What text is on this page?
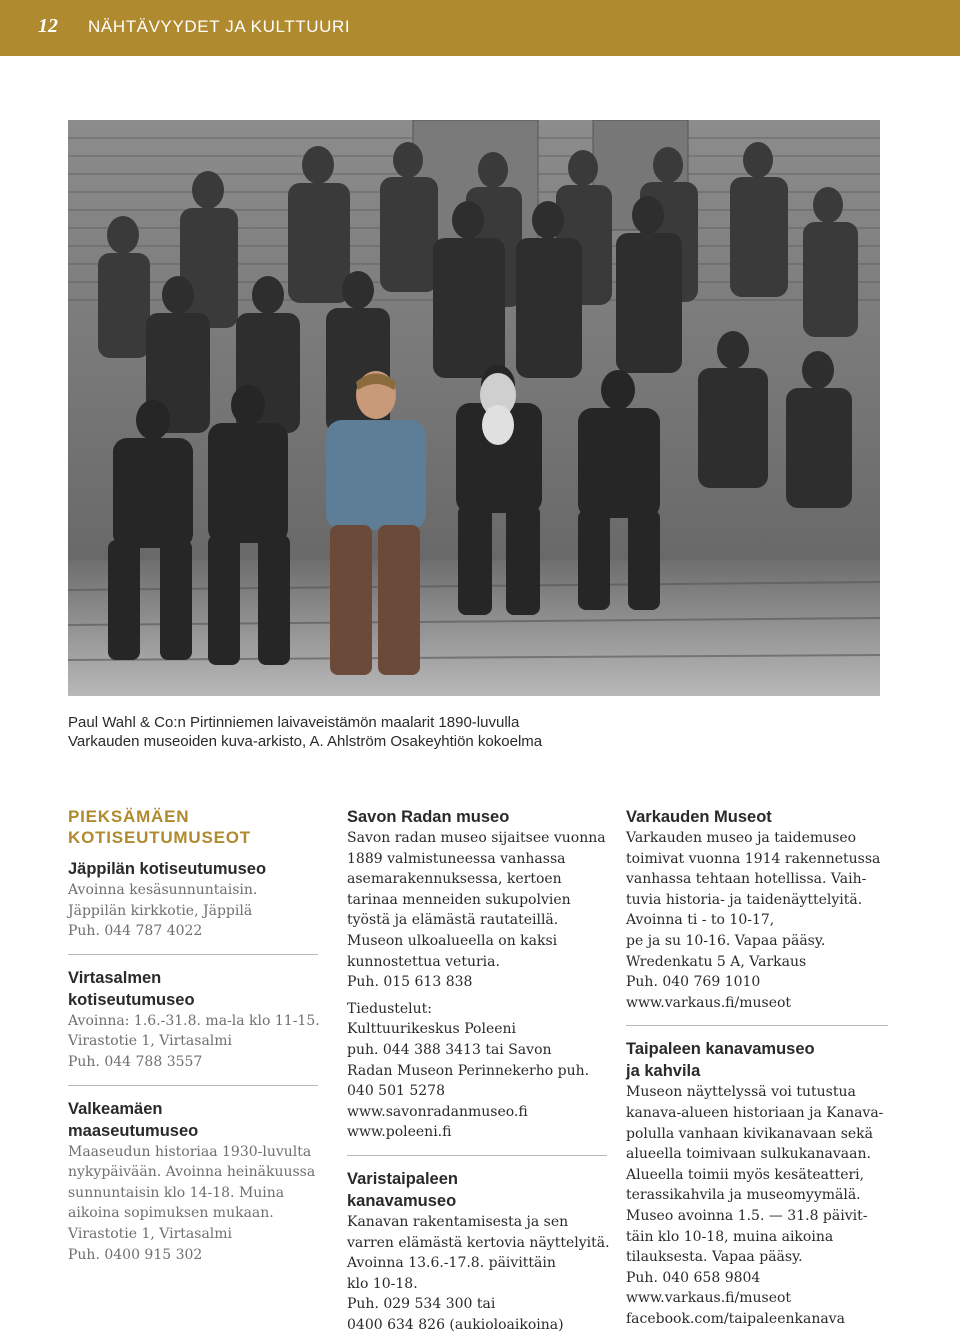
12 NÄHTÄVYYDET JA KULTTUURI
Paul Wahl & Co:n Pirtinniemen laivaveistämön maalarit 1890-luvulla
Varkauden museoiden kuva-arkisto, A. Ahlström Osakeyhtiön kokoelma
PIEKSÄMÄEN
KOTISEUTUMUSEOT
Jäppilän kotiseutumuseo
Avoinna kesäsunnuntaisin.
Jäppilän kirkkotie, Jäppilä
Puh. 044 787 4022
Virtasalmen
kotiseutumuseo
Avoinna: 1.6.-31.8. ma-la klo 11-15.
Virastotie 1, Virtasalmi
Puh. 044 788 3557
Valkeamäen
maaseutumuseo
Maaseudun historiaa 1930-luvulta
nykypäivään. Avoinna heinäkuussa
sunnuntaisin klo 14-18. Muina
aikoina sopimuksen mukaan.
Virastotie 1, Virtasalmi
Puh. 0400 915 302
Savon Radan museo
Savon radan museo sijaitsee vuonna
1889 valmistuneessa vanhassa
asemarakennuksessa, kertoen
tarinaa menneiden sukupolvien
työstä ja elämästä rautateillä.
Museon ulkoalueella on kaksi
kunnostettua veturia.
Puh. 015 613 838
Tiedustelut:
Kulttuurikeskus Poleeni
puh. 044 388 3413 tai Savon
Radan Museon Perinnekerho puh.
040 501 5278
www.savonradanmuseo.fi
www.poleeni.fi
Varistaipaleen
kanavamuseo
Kanavan rakentamisesta ja sen
varren elämästä kertovia näyttelyitä.
Avoinna 13.6.-17.8. päivittäin
klo 10-18.
Puh. 029 534 300 tai
0400 634 826 (aukioloaikoina)
Varkauden Museot
Varkauden museo ja taidemuseo
toimivat vuonna 1914 rakennetussa
vanhassa tehtaan hotellissa. Vaih-
tuvia historia- ja taidenäyttelyitä.
Avoinna ti - to 10-17,
pe ja su 10-16. Vapaa pääsy.
Wredenkatu 5 A, Varkaus
Puh. 040 769 1010
www.varkaus.fi/museot
Taipaleen kanavamuseo
ja kahvila
Museon näyttelyssä voi tutustua
kanava-alueen historiaan ja Kanava-
polulla vanhaan kivikanavaan sekä
alueella toimivaan sulkukanavaan.
Alueella toimii myös kesäteatteri,
terassikahvila ja museomyymälä.
Museo avoinna 1.5. — 31.8 päivit-
täin klo 10-18, muina aikoina
tilauksesta. Vapaa pääsy.
Puh. 040 658 9804
www.varkaus.fi/museot
facebook.com/taipaleenkanava
